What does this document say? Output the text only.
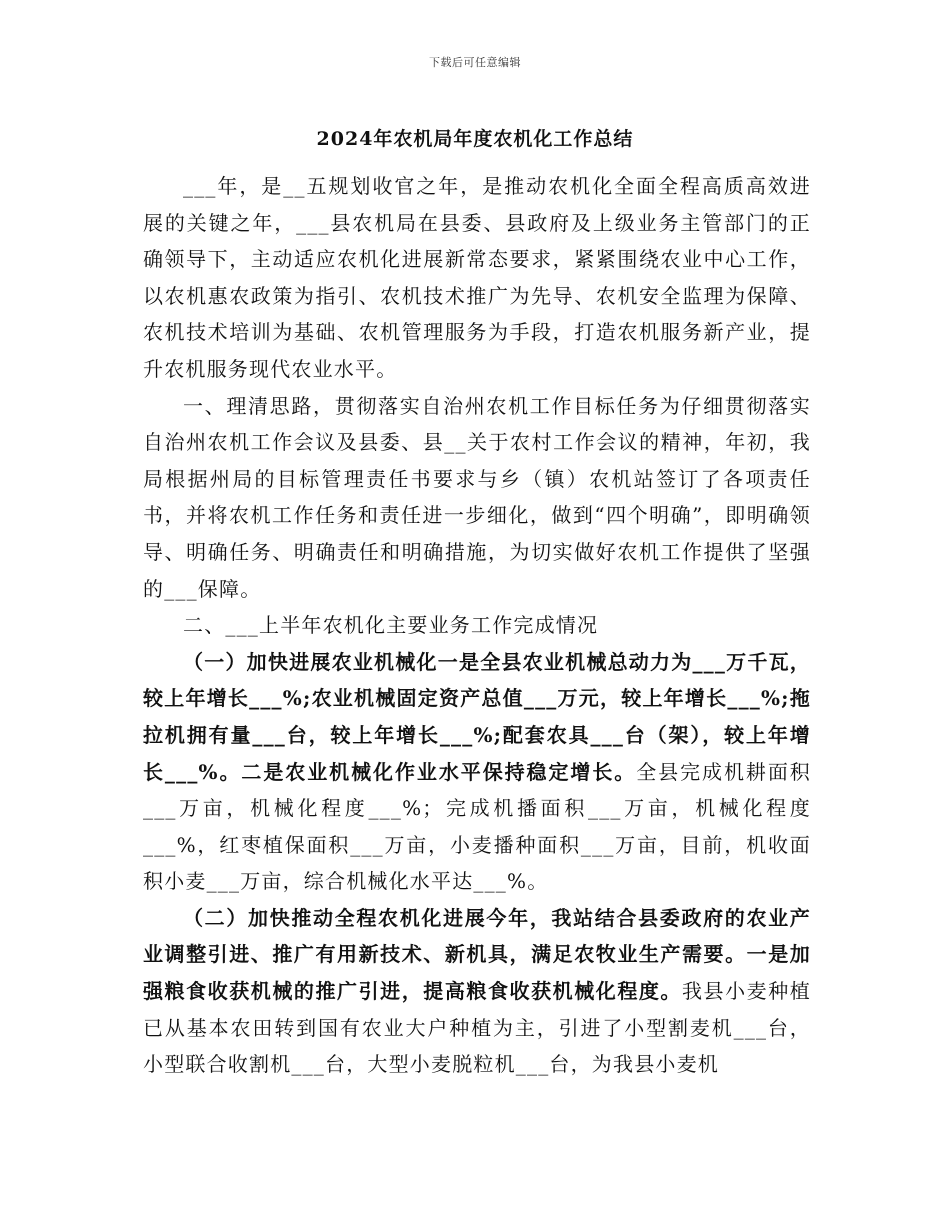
下载后可任意编辑
2024年农机局年度农机化工作总结

___年，是__五规划收官之年，是推动农机化全面全程高质高效进展的关键之年，___县农机局在县委、县政府及上级业务主管部门的正确领导下，主动适应农机化进展新常态要求，紧紧围绕农业中心工作，以农机惠农政策为指引、农机技术推广为先导、农机安全监理为保障、农机技术培训为基础、农机管理服务为手段，打造农机服务新产业，提升农机服务现代农业水平。

一、理清思路，贯彻落实自治州农机工作目标任务为仔细贯彻落实自治州农机工作会议及县委、县__关于农村工作会议的精神，年初，我局根据州局的目标管理责任书要求与乡（镇）农机站签订了各项责任书，并将农机工作任务和责任进一步细化，做到“四个明确”，即明确领导、明确任务、明确责任和明确措施，为切实做好农机工作提供了坚强的___保障。

二、___上半年农机化主要业务工作完成情况

（一）加快进展农业机械化一是全县农业机械总动力为___万千瓦，较上年增长___%;农业机械固定资产总值___万元，较上年增长___%;拖拉机拥有量___台，较上年增长___%;配套农具___台（架），较上年增长___%。二是农业机械化作业水平保持稳定增长。全县完成机耕面积___万亩，机械化程度___%；完成机播面积___万亩，机械化程度___%，红枣植保面积___万亩，小麦播种面积___万亩，目前，机收面积小麦___万亩，综合机械化水平达___%。

（二）加快推动全程农机化进展今年，我站结合县委政府的农业产业调整引进、推广有用新技术、新机具，满足农牧业生产需要。一是加强粮食收获机械的推广引进，提高粮食收获机械化程度。我县小麦种植已从基本农田转到国有农业大户种植为主，引进了小型割麦机___台，小型联合收割机___台，大型小麦脱粒机___台，为我县小麦机
